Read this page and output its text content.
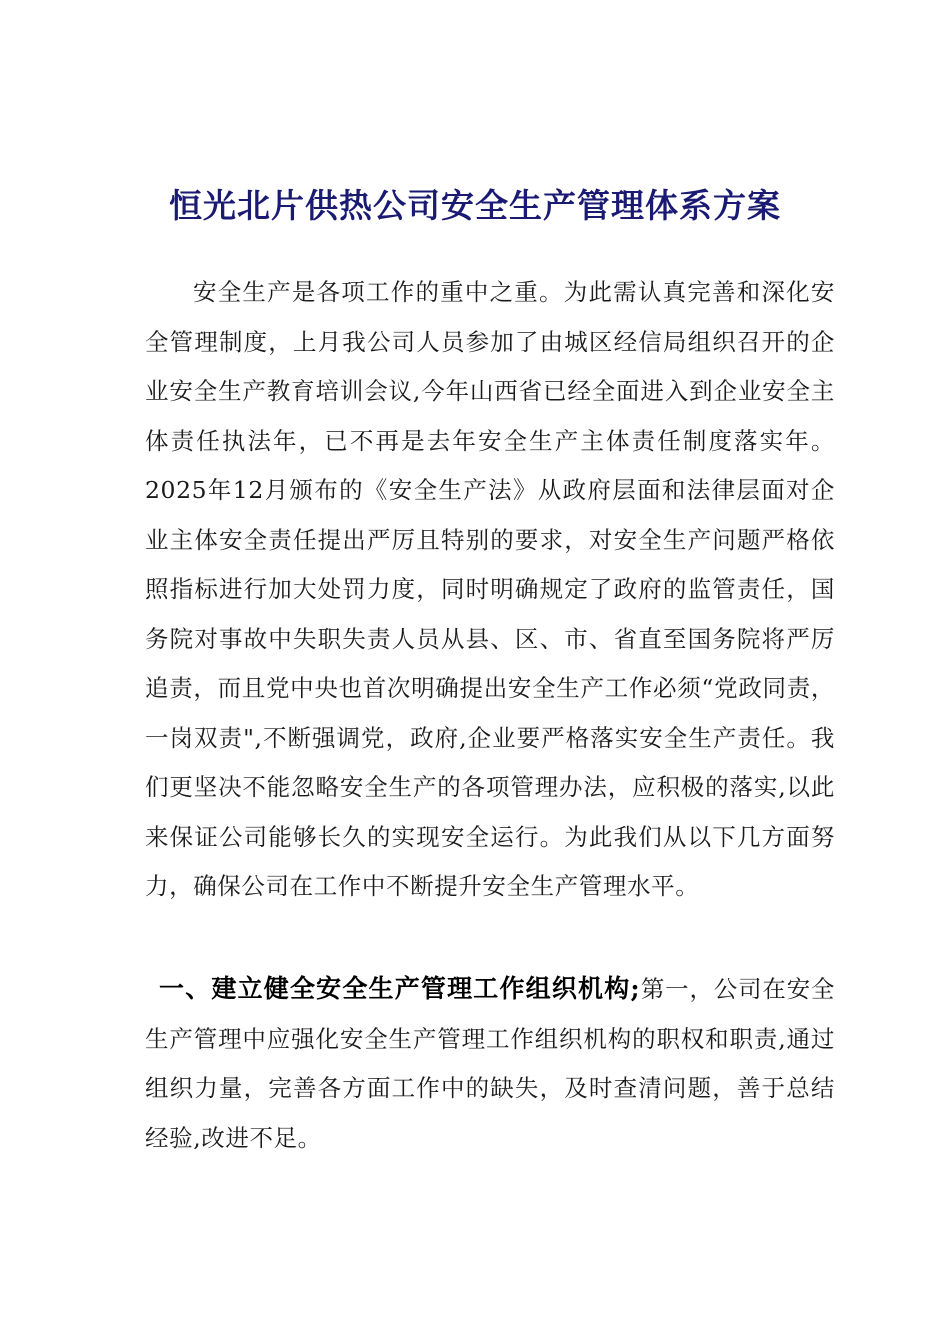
恒光北片供热公司安全生产管理体系方案

安全生产是各项工作的重中之重。为此需认真完善和深化安全管理制度，上月我公司人员参加了由城区经信局组织召开的企业安全生产教育培训会议,今年山西省已经全面进入到企业安全主体责任执法年，已不再是去年安全生产主体责任制度落实年。2025年12月颁布的《安全生产法》从政府层面和法律层面对企业主体安全责任提出严厉且特别的要求，对安全生产问题严格依照指标进行加大处罚力度，同时明确规定了政府的监管责任，国务院对事故中失职失责人员从县、区、市、省直至国务院将严厉追责，而且党中央也首次明确提出安全生产工作必须“党政同责，一岗双责",不断强调党，政府,企业要严格落实安全生产责任。我们更坚决不能忽略安全生产的各项管理办法，应积极的落实,以此来保证公司能够长久的实现安全运行。为此我们从以下几方面努力，确保公司在工作中不断提升安全生产管理水平。

一、建立健全安全生产管理工作组织机构;第一，公司在安全生产管理中应强化安全生产管理工作组织机构的职权和职责,通过组织力量，完善各方面工作中的缺失，及时查清问题，善于总结经验,改进不足。
